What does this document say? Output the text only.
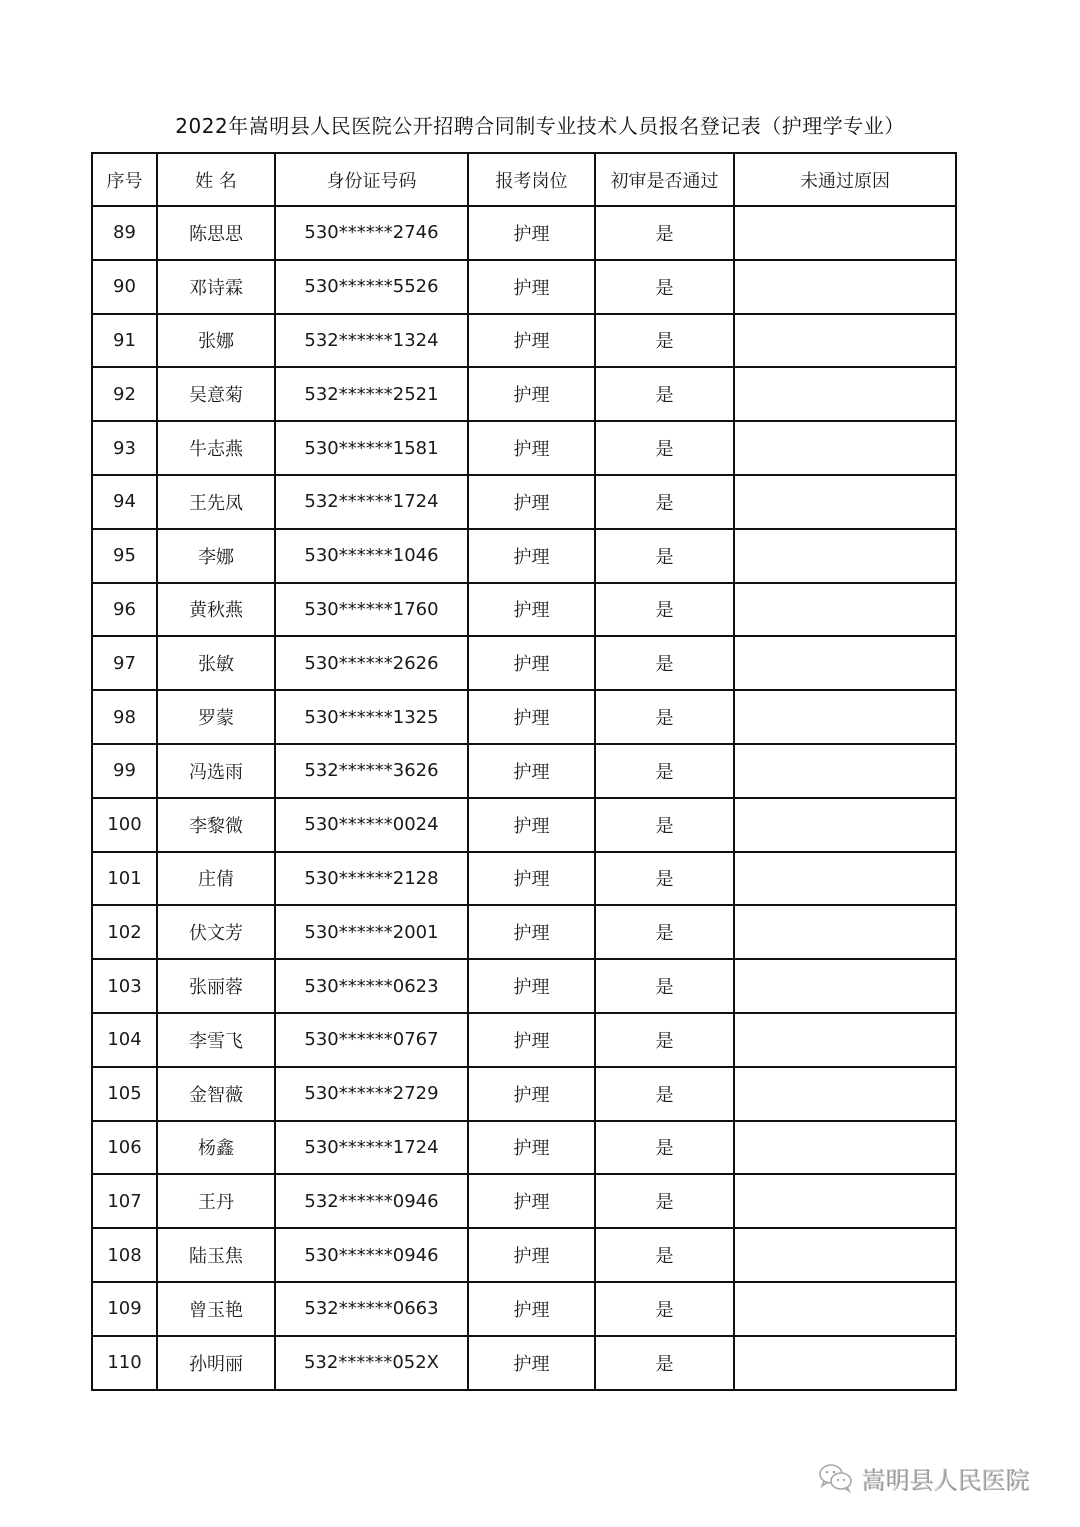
2022年嵩明县人民医院公开招聘合同制专业技术人员报名登记表（护理学专业）
序号	姓 名	身份证号码	报考岗位	初审是否通过	未通过原因
89	陈思思	530******2746	护理	是	
90	邓诗霖	530******5526	护理	是	
91	张娜	532******1324	护理	是	
92	吴意菊	532******2521	护理	是	
93	牛志燕	530******1581	护理	是	
94	王先凤	532******1724	护理	是	
95	李娜	530******1046	护理	是	
96	黄秋燕	530******1760	护理	是	
97	张敏	530******2626	护理	是	
98	罗蒙	530******1325	护理	是	
99	冯选雨	532******3626	护理	是	
100	李黎微	530******0024	护理	是	
101	庄倩	530******2128	护理	是	
102	伏文芳	530******2001	护理	是	
103	张丽蓉	530******0623	护理	是	
104	李雪飞	530******0767	护理	是	
105	金智薇	530******2729	护理	是	
106	杨鑫	530******1724	护理	是	
107	王丹	532******0946	护理	是	
108	陆玉焦	530******0946	护理	是	
109	曾玉艳	532******0663	护理	是	
110	孙明丽	532******052X	护理	是	
嵩明县人民医院
